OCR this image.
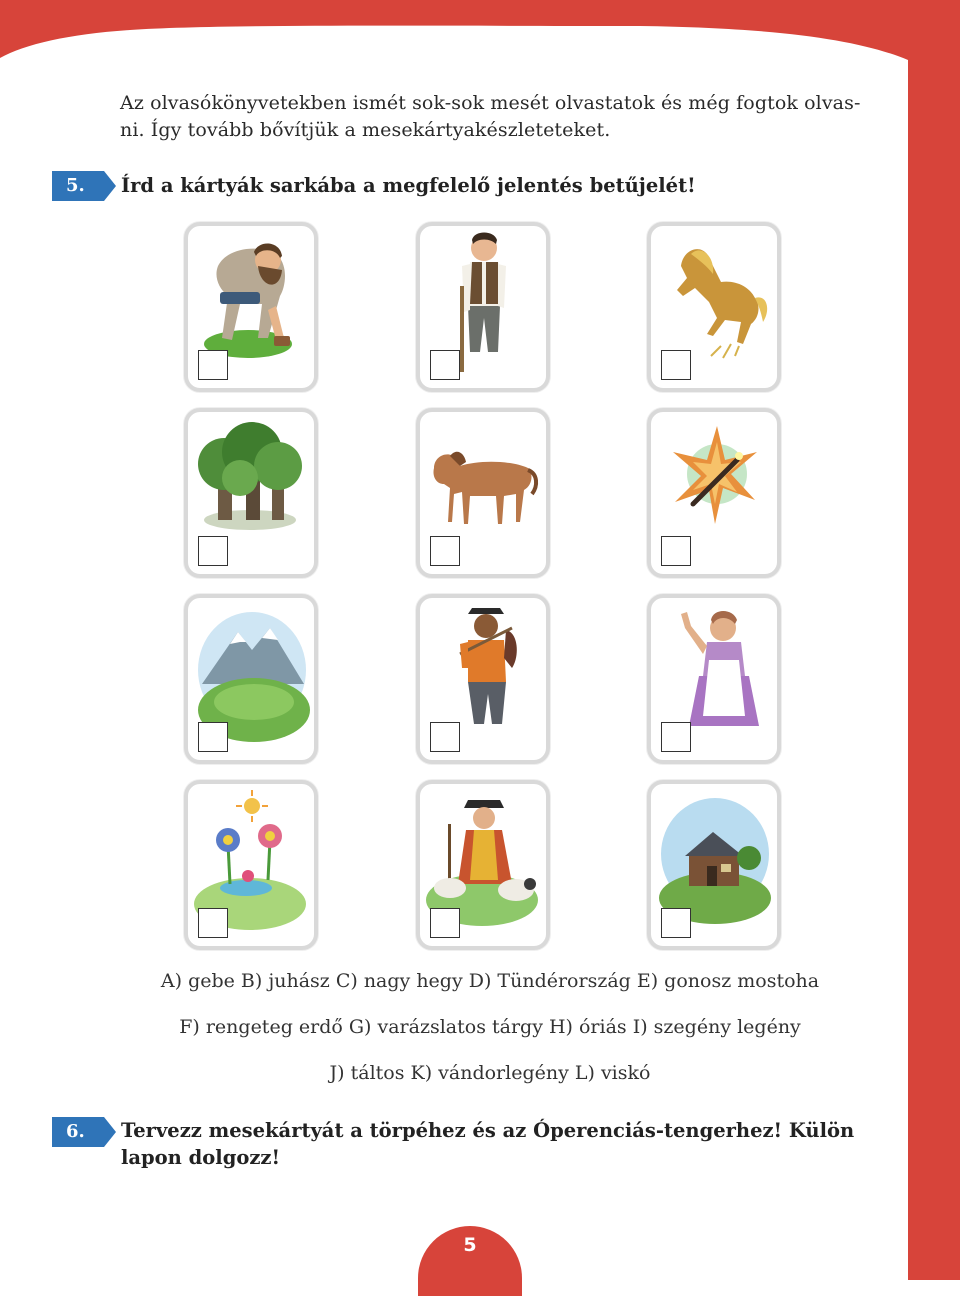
Az olvasókönyvetekben ismét sok-sok mesét olvastatok és még fogtok olvas-
ni. Így tovább bővítjük a mesekártyakészleteteket.
5.	Írd a kártyák sarkába a megfelelő jelentés betűjelét!
A) gebe B) juhász C) nagy hegy D) Tündérország E) gonosz mostoha
F) rengeteg erdő G) varázslatos tárgy H) óriás I) szegény legény
J) táltos K) vándorlegény L) viskó
6.	Tervezz mesekártyát a törpéhez és az Óperenciás-tengerhez! Külön lapon dolgozz!
5
